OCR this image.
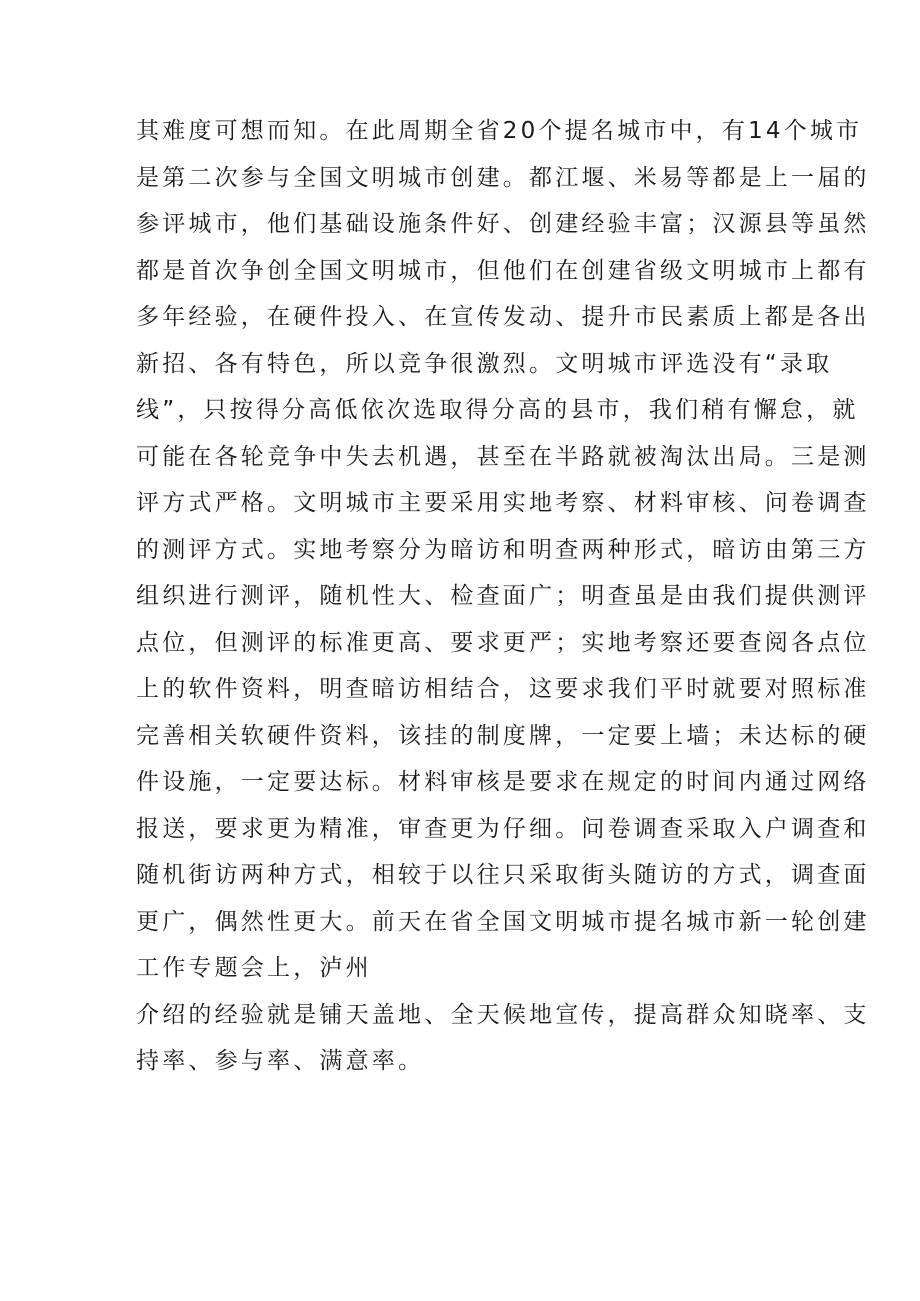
其难度可想而知。在此周期全省20个提名城市中，有14个城市
是第二次参与全国文明城市创建。都江堰、米易等都是上一届的
参评城市，他们基础设施条件好、创建经验丰富；汉源县等虽然
都是首次争创全国文明城市，但他们在创建省级文明城市上都有
多年经验，在硬件投入、在宣传发动、提升市民素质上都是各出
新招、各有特色，所以竞争很激烈。文明城市评选没有“录取
线”，只按得分高低依次选取得分高的县市，我们稍有懈怠，就
可能在各轮竞争中失去机遇，甚至在半路就被淘汰出局。三是测
评方式严格。文明城市主要采用实地考察、材料审核、问卷调查
的测评方式。实地考察分为暗访和明查两种形式，暗访由第三方
组织进行测评，随机性大、检查面广；明查虽是由我们提供测评
点位，但测评的标准更高、要求更严；实地考察还要查阅各点位
上的软件资料，明查暗访相结合，这要求我们平时就要对照标准
完善相关软硬件资料，该挂的制度牌，一定要上墙；未达标的硬
件设施，一定要达标。材料审核是要求在规定的时间内通过网络
报送，要求更为精准，审查更为仔细。问卷调查采取入户调查和
随机街访两种方式，相较于以往只采取街头随访的方式，调查面
更广，偶然性更大。前天在省全国文明城市提名城市新一轮创建
工作专题会上，泸州
介绍的经验就是铺天盖地、全天候地宣传，提高群众知晓率、支
持率、参与率、满意率。
